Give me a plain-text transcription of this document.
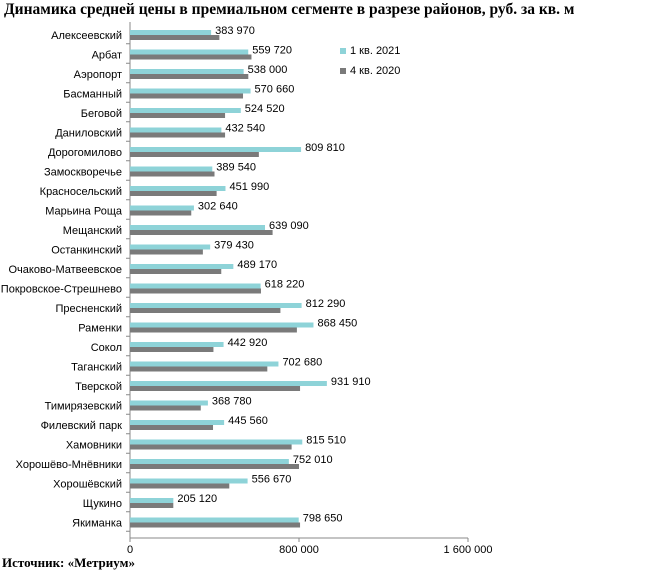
Динамика средней цены в премиальном сегменте в разрезе районов, руб. за кв. м
0	800 000	1 600 000
Алексеевский	383 970
Арбат	559 720
Аэропорт	538 000
Басманный	570 660
Беговой	524 520
Даниловский	432 540
Дорогомилово	809 810
Замоскворечье	389 540
Красносельский	451 990
Марьина Роща	302 640
Мещанский	639 090
Останкинский	379 430
Очаково-Матвеевское	489 170
Покровское-Стрешнево	618 220
Пресненский	812 290
Раменки	868 450
Сокол	442 920
Таганский	702 680
Тверской	931 910
Тимирязевский	368 780
Филевский парк	445 560
Хамовники	815 510
Хорошёво-Мнёвники	752 010
Хорошёвский	556 670
Щукино	205 120
Якиманка	798 650
1 кв. 2021
4 кв. 2020
Источник: «Метриум»
